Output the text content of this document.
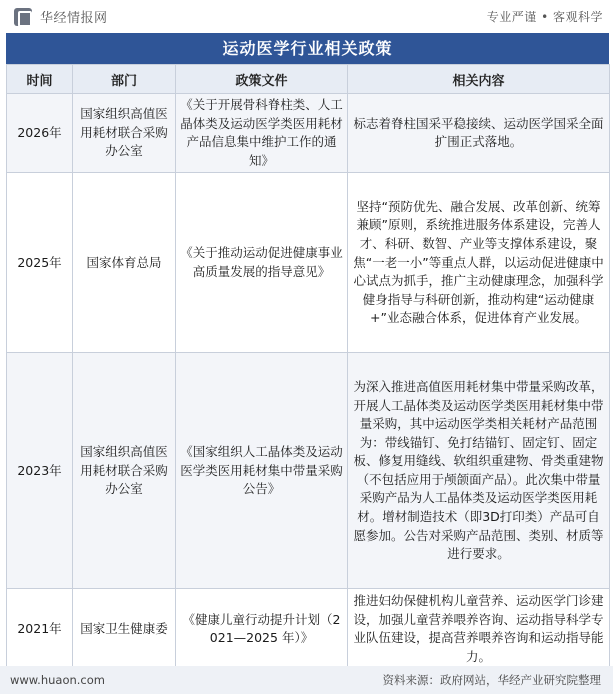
华经情报网	专业严谨 • 客观科学
运动医学行业相关政策
时间	部门	政策文件	相关内容
2026年	国家组织高值医用耗材联合采购办公室	《关于开展骨科脊柱类、人工晶体类及运动医学类医用耗材产品信息集中维护工作的通知》	标志着脊柱国采平稳接续、运动医学国采全面扩围正式落地。
2025年	国家体育总局	《关于推动运动促进健康事业高质量发展的指导意见》	坚持“预防优先、融合发展、改革创新、统筹兼顾”原则，系统推进服务体系建设，完善人才、科研、数智、产业等支撑体系建设，聚焦“一老一小”等重点人群，以运动促进健康中心试点为抓手，推广主动健康理念，加强科学健身指导与科研创新，推动构建“运动健康+”业态融合体系，促进体育产业发展。
2023年	国家组织高值医用耗材联合采购办公室	《国家组织人工晶体类及运动医学类医用耗材集中带量采购公告》	为深入推进高值医用耗材集中带量采购改革，开展人工晶体类及运动医学类医用耗材集中带量采购，其中运动医学类相关耗材产品范围为：带线锚钉、免打结锚钉、固定钉、固定板、修复用缝线、软组织重建物、骨类重建物（不包括应用于颅颌面产品）。此次集中带量采购产品为人工晶体类及运动医学类医用耗材。增材制造技术（即3D打印类）产品可自愿参加。公告对采购产品范围、类别、材质等进行要求。
2021年	国家卫生健康委	《健康儿童行动提升计划（2021—2025 年）》	推进妇幼保健机构儿童营养、运动医学门诊建设，加强儿童营养喂养咨询、运动指导科学专业队伍建设，提高营养喂养咨询和运动指导能力。
www.huaon.com	资料来源：政府网站，华经产业研究院整理
